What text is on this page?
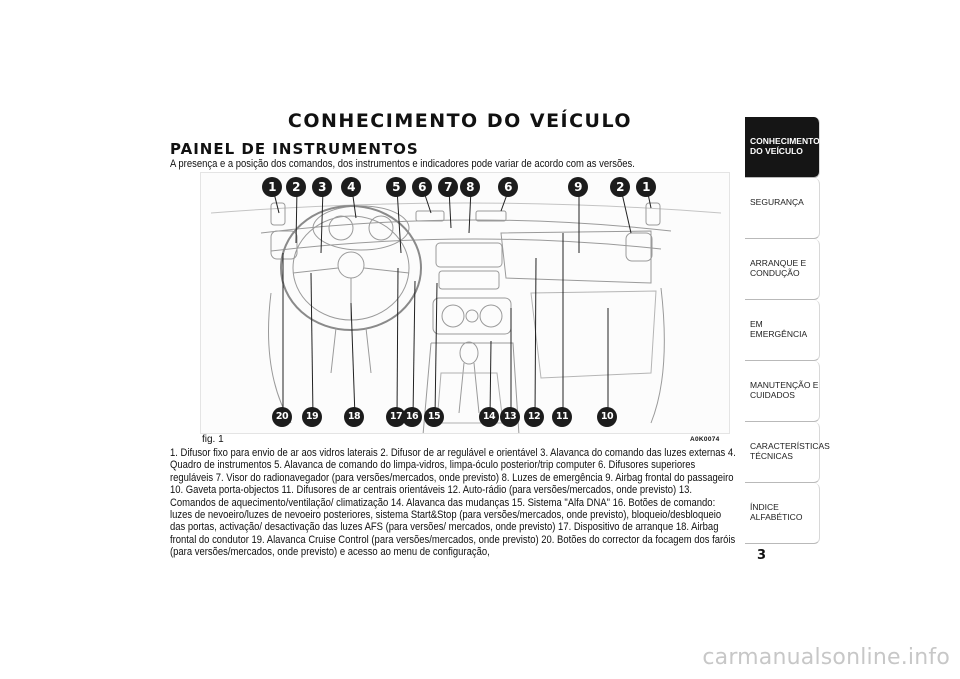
CONHECIMENTO DO VEÍCULO
PAINEL DE INSTRUMENTOS
A presença e a posição dos comandos, dos instrumentos e indicadores pode variar de acordo com as versões.
fig. 1	A0K0074
1	2	3	4	5	6	7	8	6	9	2	1
20	19	18	17 16	15	14 13	12	11	10
1. Difusor fixo para envio de ar aos vidros laterais 2. Difusor de ar regulável e orientável 3. Alavanca do comando das luzes externas 4. Quadro de instrumentos 5. Alavanca de comando do limpa-vidros, limpa-óculo posterior/trip computer 6. Difusores superiores reguláveis 7. Visor do radionavegador (para versões/mercados, onde previsto) 8. Luzes de emergência 9. Airbag frontal do passageiro 10. Gaveta porta-objectos 11. Difusores de ar centrais orientáveis 12. Auto-rádio (para versões/mercados, onde previsto) 13. Comandos de aquecimento/ventilação/ climatização 14. Alavanca das mudanças 15. Sistema "Alfa DNA" 16. Botões de comando: luzes de nevoeiro/luzes de nevoeiro posteriores, sistema Start&Stop (para versões/mercados, onde previsto), bloqueio/desbloqueio das portas, activação/ desactivação das luzes AFS (para versões/ mercados, onde previsto) 17. Dispositivo de arranque 18. Airbag frontal do condutor 19. Alavanca Cruise Control (para versões/mercados, onde previsto) 20. Botões do corrector da focagem dos faróis (para versões/mercados, onde previsto) e acesso ao menu de configuração,
CONHECIMENTO DO VEÍCULO
SEGURANÇA
ARRANQUE E CONDUÇÃO
EM EMERGÊNCIA
MANUTENÇÃO E CUIDADOS
CARACTERÍSTICAS TÉCNICAS
ÍNDICE ALFABÉTICO
3
carmanualsonline.info
